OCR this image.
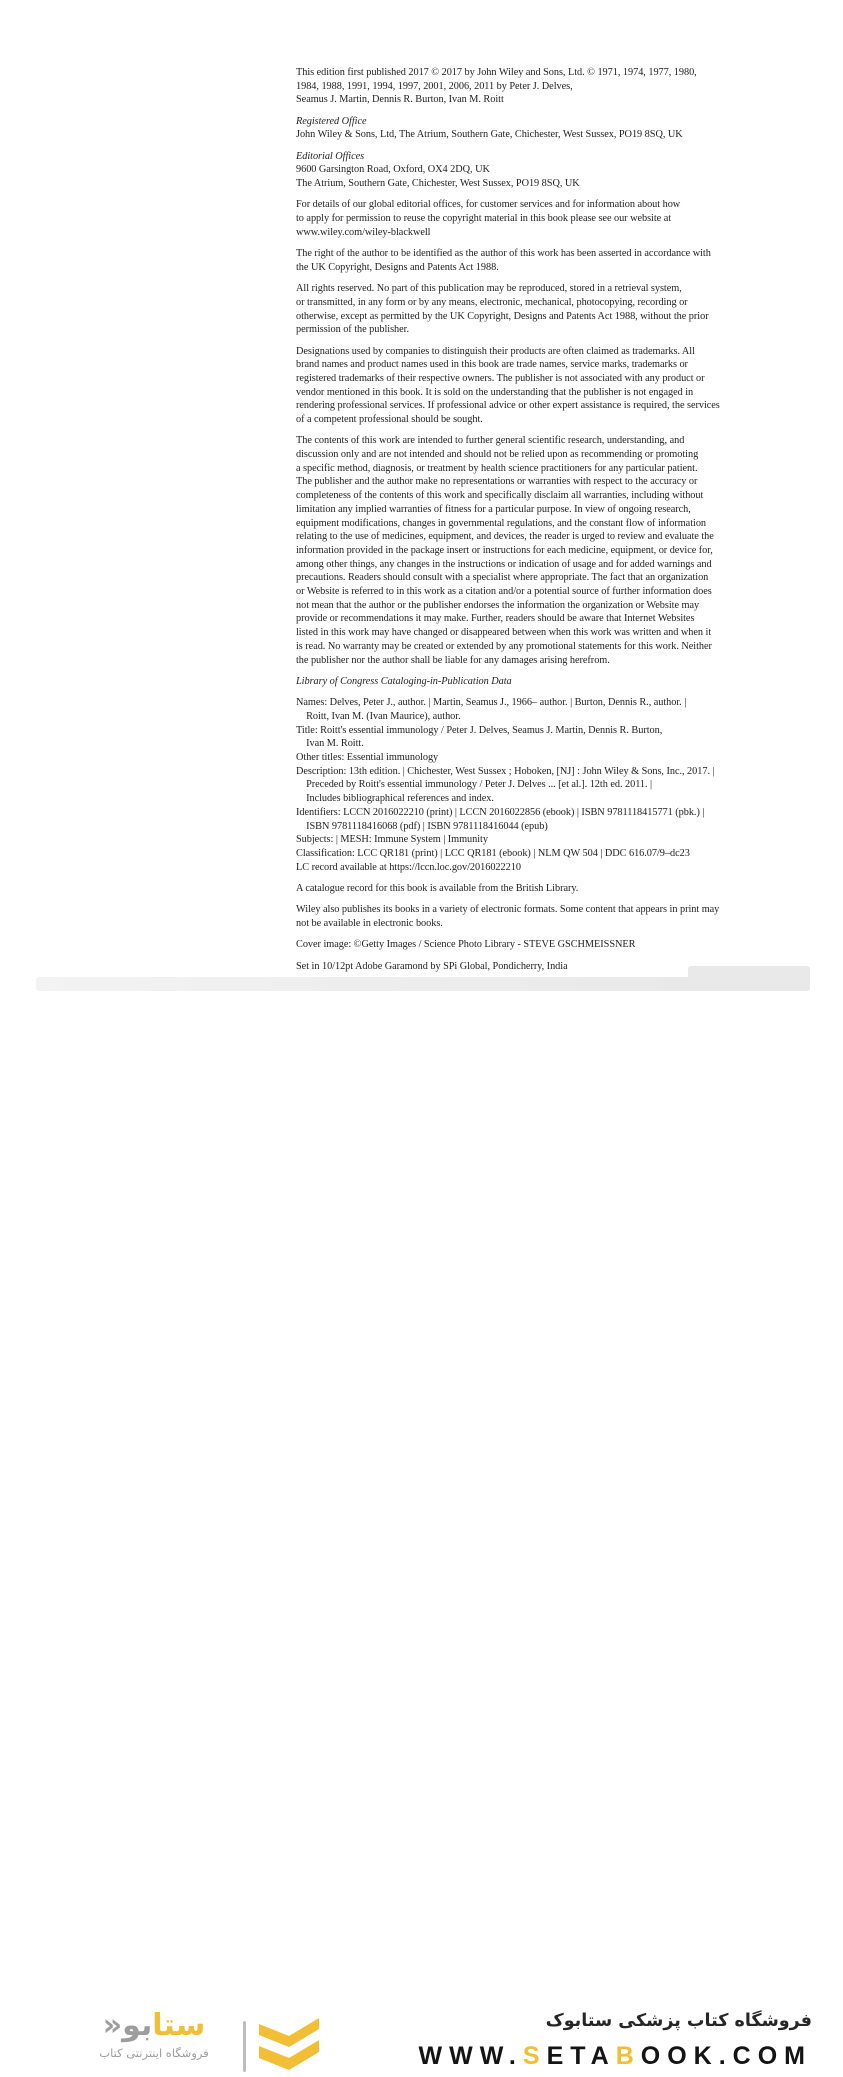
This edition first published 2017 © 2017 by John Wiley and Sons, Ltd. © 1971, 1974, 1977, 1980,
1984, 1988, 1991, 1994, 1997, 2001, 2006, 2011 by Peter J. Delves,
Seamus J. Martin, Dennis R. Burton, Ivan M. Roitt

Registered Office
John Wiley & Sons, Ltd, The Atrium, Southern Gate, Chichester, West Sussex, PO19 8SQ, UK

Editorial Offices
9600 Garsington Road, Oxford, OX4 2DQ, UK
The Atrium, Southern Gate, Chichester, West Sussex, PO19 8SQ, UK

For details of our global editorial offices, for customer services and for information about how
to apply for permission to reuse the copyright material in this book please see our website at
www.wiley.com/wiley-blackwell

The right of the author to be identified as the author of this work has been asserted in accordance with
the UK Copyright, Designs and Patents Act 1988.

All rights reserved. No part of this publication may be reproduced, stored in a retrieval system,
or transmitted, in any form or by any means, electronic, mechanical, photocopying, recording or
otherwise, except as permitted by the UK Copyright, Designs and Patents Act 1988, without the prior
permission of the publisher.

Designations used by companies to distinguish their products are often claimed as trademarks. All
brand names and product names used in this book are trade names, service marks, trademarks or
registered trademarks of their respective owners. The publisher is not associated with any product or
vendor mentioned in this book. It is sold on the understanding that the publisher is not engaged in
rendering professional services. If professional advice or other expert assistance is required, the services
of a competent professional should be sought.

The contents of this work are intended to further general scientific research, understanding, and
discussion only and are not intended and should not be relied upon as recommending or promoting
a specific method, diagnosis, or treatment by health science practitioners for any particular patient.
The publisher and the author make no representations or warranties with respect to the accuracy or
completeness of the contents of this work and specifically disclaim all warranties, including without
limitation any implied warranties of fitness for a particular purpose. In view of ongoing research,
equipment modifications, changes in governmental regulations, and the constant flow of information
relating to the use of medicines, equipment, and devices, the reader is urged to review and evaluate the
information provided in the package insert or instructions for each medicine, equipment, or device for,
among other things, any changes in the instructions or indication of usage and for added warnings and
precautions. Readers should consult with a specialist where appropriate. The fact that an organization
or Website is referred to in this work as a citation and/or a potential source of further information does
not mean that the author or the publisher endorses the information the organization or Website may
provide or recommendations it may make. Further, readers should be aware that Internet Websites
listed in this work may have changed or disappeared between when this work was written and when it
is read. No warranty may be created or extended by any promotional statements for this work. Neither
the publisher nor the author shall be liable for any damages arising herefrom.

Library of Congress Cataloging-in-Publication Data

Names: Delves, Peter J., author. | Martin, Seamus J., 1966– author. | Burton, Dennis R., author. |
Roitt, Ivan M. (Ivan Maurice), author.
Title: Roitt's essential immunology / Peter J. Delves, Seamus J. Martin, Dennis R. Burton,
Ivan M. Roitt.
Other titles: Essential immunology
Description: 13th edition. | Chichester, West Sussex ; Hoboken, [NJ] : John Wiley & Sons, Inc., 2017. |
Preceded by Roitt's essential immunology / Peter J. Delves ... [et al.]. 12th ed. 2011. |
Includes bibliographical references and index.
Identifiers: LCCN 2016022210 (print) | LCCN 2016022856 (ebook) | ISBN 9781118415771 (pbk.) |
ISBN 9781118416068 (pdf) | ISBN 9781118416044 (epub)
Subjects: | MESH: Immune System | Immunity
Classification: LCC QR181 (print) | LCC QR181 (ebook) | NLM QW 504 | DDC 616.07/9–dc23
LC record available at https://lccn.loc.gov/2016022210

A catalogue record for this book is available from the British Library.

Wiley also publishes its books in a variety of electronic formats. Some content that appears in print may
not be available in electronic books.

Cover image: ©Getty Images / Science Photo Library - STEVE GSCHMEISSNER

Set in 10/12pt Adobe Garamond by SPi Global, Pondicherry, India

ستابو«
فروشگاه اینترنتی کتاب
فروشگاه کتاب پزشکی ستابوک
WWW.SETABOOK.COM
